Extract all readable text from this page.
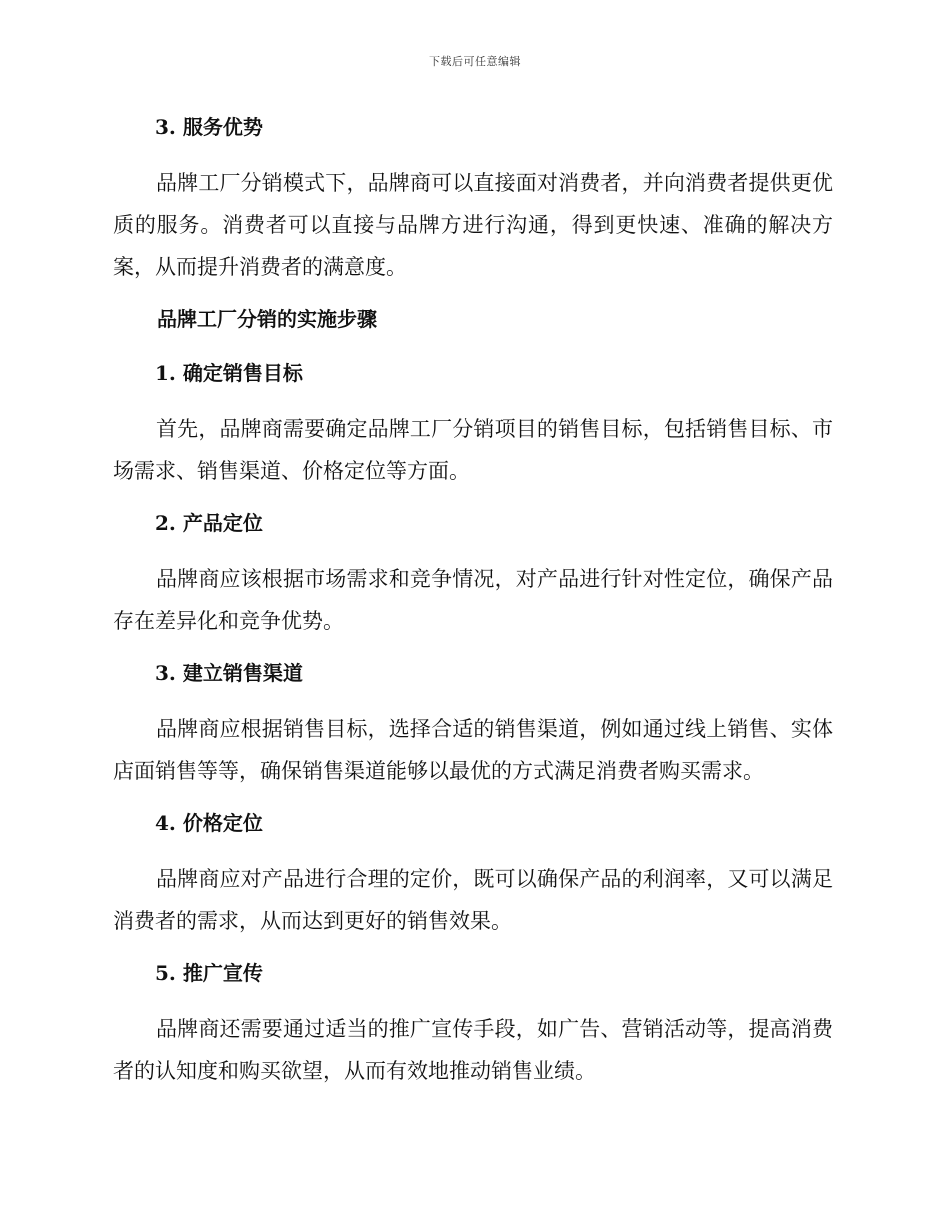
下载后可任意编辑
3. 服务优势

品牌工厂分销模式下，品牌商可以直接面对消费者，并向消费者提供更优质的服务。消费者可以直接与品牌方进行沟通，得到更快速、准确的解决方案，从而提升消费者的满意度。

品牌工厂分销的实施步骤
1. 确定销售目标

首先，品牌商需要确定品牌工厂分销项目的销售目标，包括销售目标、市场需求、销售渠道、价格定位等方面。

2. 产品定位

品牌商应该根据市场需求和竞争情况，对产品进行针对性定位，确保产品存在差异化和竞争优势。

3. 建立销售渠道

品牌商应根据销售目标，选择合适的销售渠道，例如通过线上销售、实体店面销售等等，确保销售渠道能够以最优的方式满足消费者购买需求。

4. 价格定位

品牌商应对产品进行合理的定价，既可以确保产品的利润率，又可以满足消费者的需求，从而达到更好的销售效果。

5. 推广宣传

品牌商还需要通过适当的推广宣传手段，如广告、营销活动等，提高消费者的认知度和购买欲望，从而有效地推动销售业绩。
